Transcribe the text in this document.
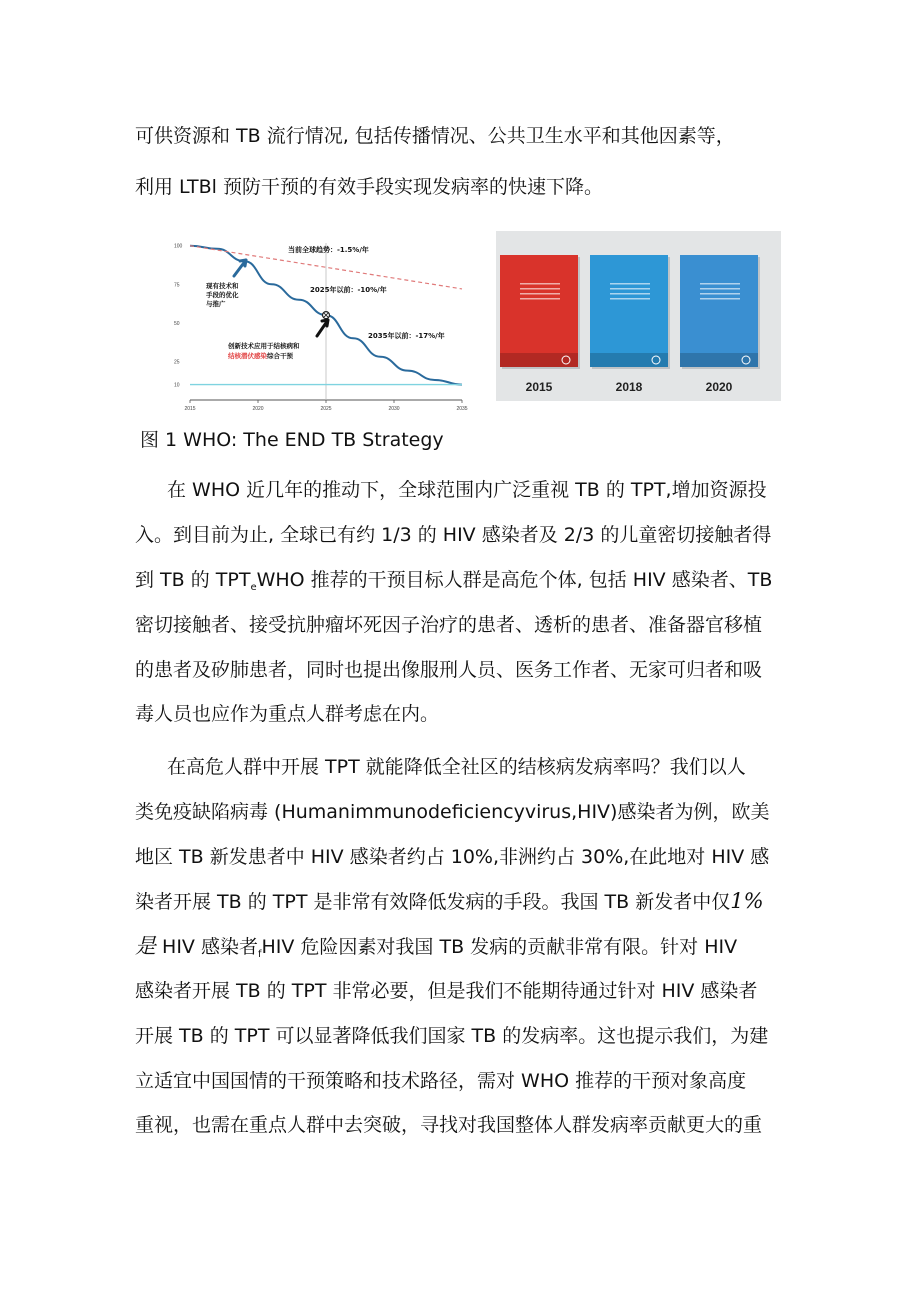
可供资源和 TB 流行情况, 包括传播情况、公共卫生水平和其他因素等，
利用 LTBl 预防干预的有效手段实现发病率的快速下降。
2015	2020	2025	2030	2035
100
75
50
25
10
当前全球趋势：-1.5%/年
2025年以前：-10%/年
2035年以前：-17%/年
现有技术和
手段的优化
与推广
创新技术应用于结核病和
结核潜伏感染综合干预
2015	2018	2020
图 1 WHO: The END TB Strategy
在 WHO 近几年的推动下，全球范围内广泛重视 TB 的 TPT,增加资源投
入。到目前为止, 全球已有约 1/3 的 HIV 感染者及 2/3 的儿童密切接触者得
到 TB 的 $TPT_eWHO$ 推荐的干预目标人群是高危个体, 包括 HIV 感染者、TB
密切接触者、接受抗肿瘤坏死因子治疗的患者、透析的患者、准备器官移植
的患者及矽肺患者，同时也提出像服刑人员、医务工作者、无家可归者和吸
毒人员也应作为重点人群考虑在内。
在高危人群中开展 TPT 就能降低全社区的结核病发病率吗？我们以人
类免疫缺陷病毒 (Humanimmunodeficiencyvirus,HIV)感染者为例，欧美
地区 TB 新发患者中 HIV 感染者约占 10%,非洲约占 30%,在此地对 HIV 感
染者开展 TB 的 TPT 是非常有效降低发病的手段。我国 TB 新发者中仅1%
是 HIV 感染者$_f$HIV 危险因素对我国 TB 发病的贡献非常有限。针对 HIV
感染者开展 TB 的 TPT 非常必要，但是我们不能期待通过针对 HIV 感染者
开展 TB 的 TPT 可以显著降低我们国家 TB 的发病率。这也提示我们，为建
立适宜中国国情的干预策略和技术路径，需对 WHO 推荐的干预对象高度
重视，也需在重点人群中去突破，寻找对我国整体人群发病率贡献更大的重
